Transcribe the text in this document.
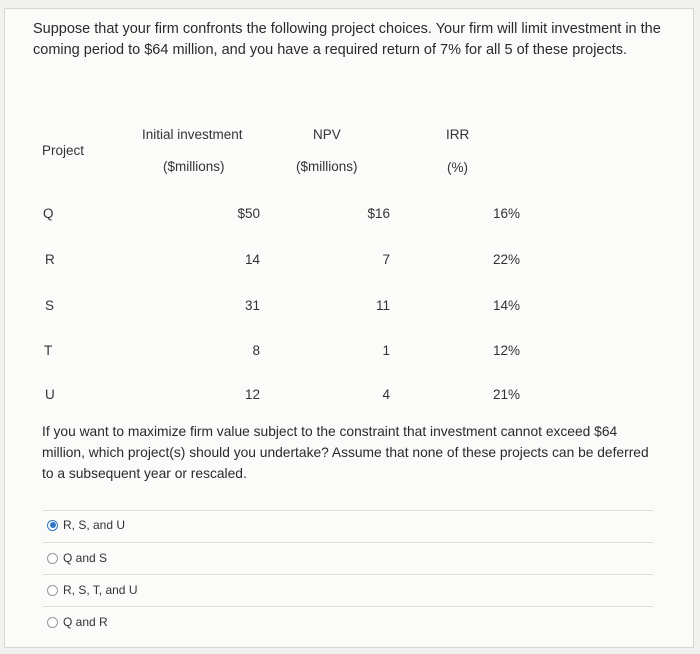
Suppose that your firm confronts the following project choices. Your firm will limit investment in the coming period to $64 million, and you have a required return of 7% for all 5 of these projects.
Project
Initial investment
($millions)
NPV
($millions)
IRR
(%)
Q	$50	$16	16%
R	14	7	22%
S	31	11	14%
T	8	1	12%
U	12	4	21%
If you want to maximize firm value subject to the constraint that investment cannot exceed $64 million, which project(s) should you undertake? Assume that none of these projects can be deferred to a subsequent year or rescaled.
R, S, and U
Q and S
R, S, T, and U
Q and R
